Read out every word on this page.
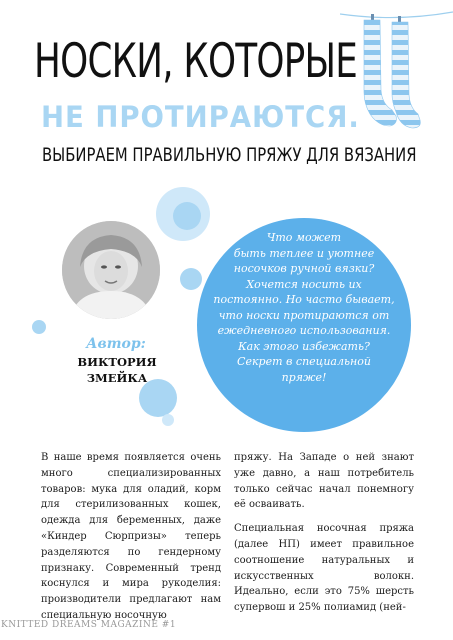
НОСКИ, КОТОРЫЕ
НЕ ПРОТИРАЮТСЯ.
ВЫБИРАЕМ ПРАВИЛЬНУЮ ПРЯЖУ ДЛЯ ВЯЗАНИЯ
Автор:
ВИКТОРИЯ
ЗМЕЙКА
Что может
быть теплее и уютнее
носочков ручной вязки?
Хочется носить их
постоянно. Но часто бывает,
что носки протираются от
ежедневного использования.
Как этого избежать?
Секрет в специальной
пряже!

В наше время появляется очень много специализированных товаров: мука для оладий, корм для стерилизованных кошек, одежда для беременных, даже «Киндер Сюрпризы» теперь разделяются по гендерному признаку. Современный тренд коснулся и мира рукоделия: производители предлагают нам специальную носочную

пряжу. На Западе о ней знают уже давно, а наш потребитель только сейчас начал понемногу её осваивать.

Специальная носочная пряжа (далее НП) имеет правильное соотношение натуральных и искусственных волокн. Идеально, если это 75% шерсть супервош и 25% полиамид (ней-

KNITTED DREAMS MAGAZINE #1
